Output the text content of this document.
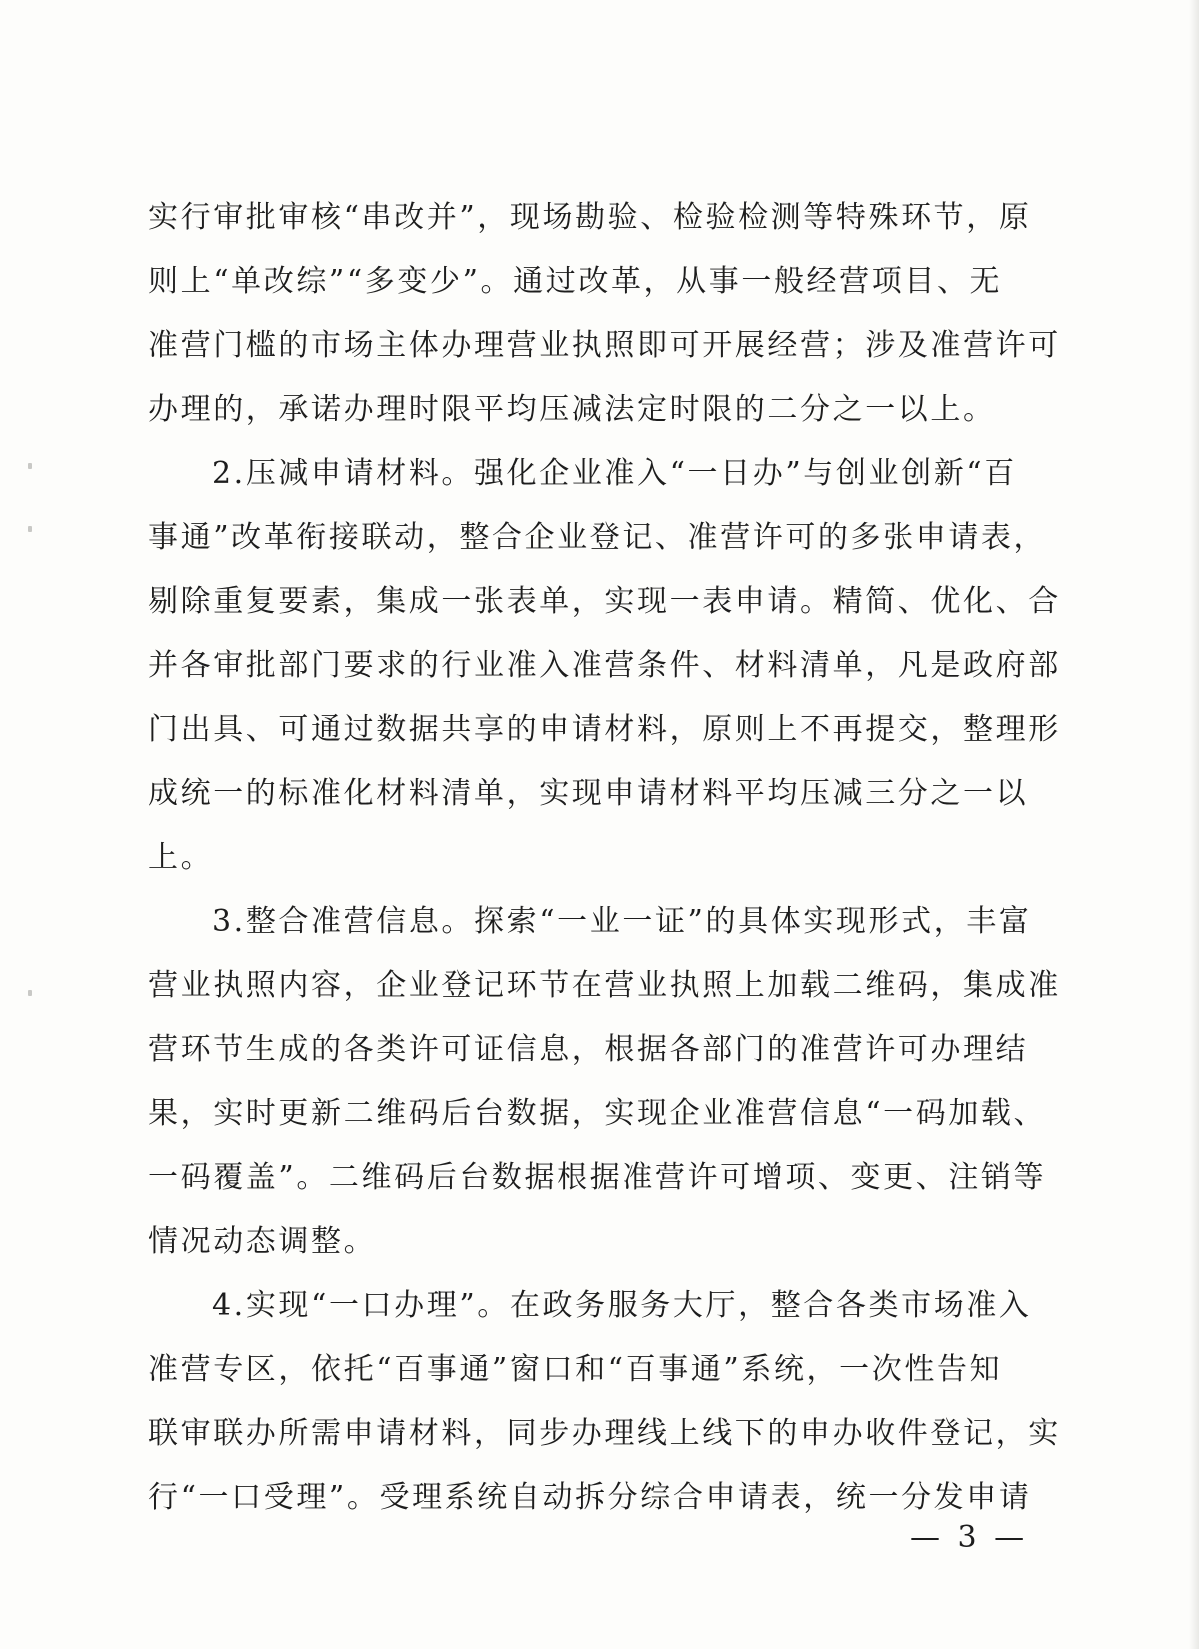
实行审批审核“串改并”，现场勘验、检验检测等特殊环节，原
则上“单改综”“多变少”。通过改革，从事一般经营项目、无
准营门槛的市场主体办理营业执照即可开展经营；涉及准营许可
办理的，承诺办理时限平均压减法定时限的二分之一以上。
2.压减申请材料。强化企业准入“一日办”与创业创新“百
事通”改革衔接联动，整合企业登记、准营许可的多张申请表，
剔除重复要素，集成一张表单，实现一表申请。精简、优化、合
并各审批部门要求的行业准入准营条件、材料清单，凡是政府部
门出具、可通过数据共享的申请材料，原则上不再提交，整理形
成统一的标准化材料清单，实现申请材料平均压减三分之一以
上。
3.整合准营信息。探索“一业一证”的具体实现形式，丰富
营业执照内容，企业登记环节在营业执照上加载二维码，集成准
营环节生成的各类许可证信息，根据各部门的准营许可办理结
果，实时更新二维码后台数据，实现企业准营信息“一码加载、
一码覆盖”。二维码后台数据根据准营许可增项、变更、注销等
情况动态调整。
4.实现“一口办理”。在政务服务大厅，整合各类市场准入
准营专区，依托“百事通”窗口和“百事通”系统，一次性告知
联审联办所需申请材料，同步办理线上线下的申办收件登记，实
行“一口受理”。受理系统自动拆分综合申请表，统一分发申请
— 3 —
